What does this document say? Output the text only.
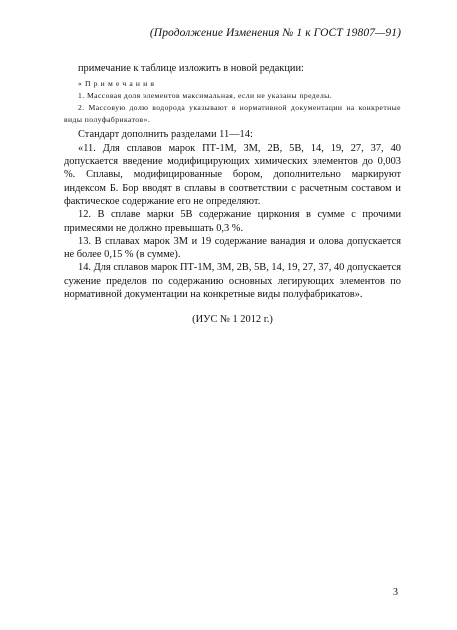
(Продолжение Изменения № 1 к ГОСТ 19807—91)

примечание к таблице изложить в новой редакции:

«Примечания

1. Массовая доля элементов максимальная, если не указаны пределы.

2. Массовую долю водорода указывают в нормативной документации на конкретные виды полуфабрикатов».

Стандарт дополнить разделами 11—14:

«11. Для сплавов марок ПТ-1М, 3М, 2В, 5В, 14, 19, 27, 37, 40 допускается введение модифицирующих химических элементов до 0,003 %. Сплавы, модифицированные бором, дополнительно маркируют индексом Б. Бор вводят в сплавы в соответствии с расчетным составом и фактическое содержание его не определяют.

12. В сплаве марки 5В содержание циркония в сумме с прочими примесями не должно превышать 0,3 %.

13. В сплавах марок 3М и 19 содержание ванадия и олова допускается не более 0,15 % (в сумме).

14. Для сплавов марок ПТ-1М, 3М, 2В, 5В, 14, 19, 27, 37, 40 допускается сужение пределов по содержанию основных легирующих элементов по нормативной документации на конкретные виды полуфабрикатов».

(ИУС № 1 2012 г.)

3
